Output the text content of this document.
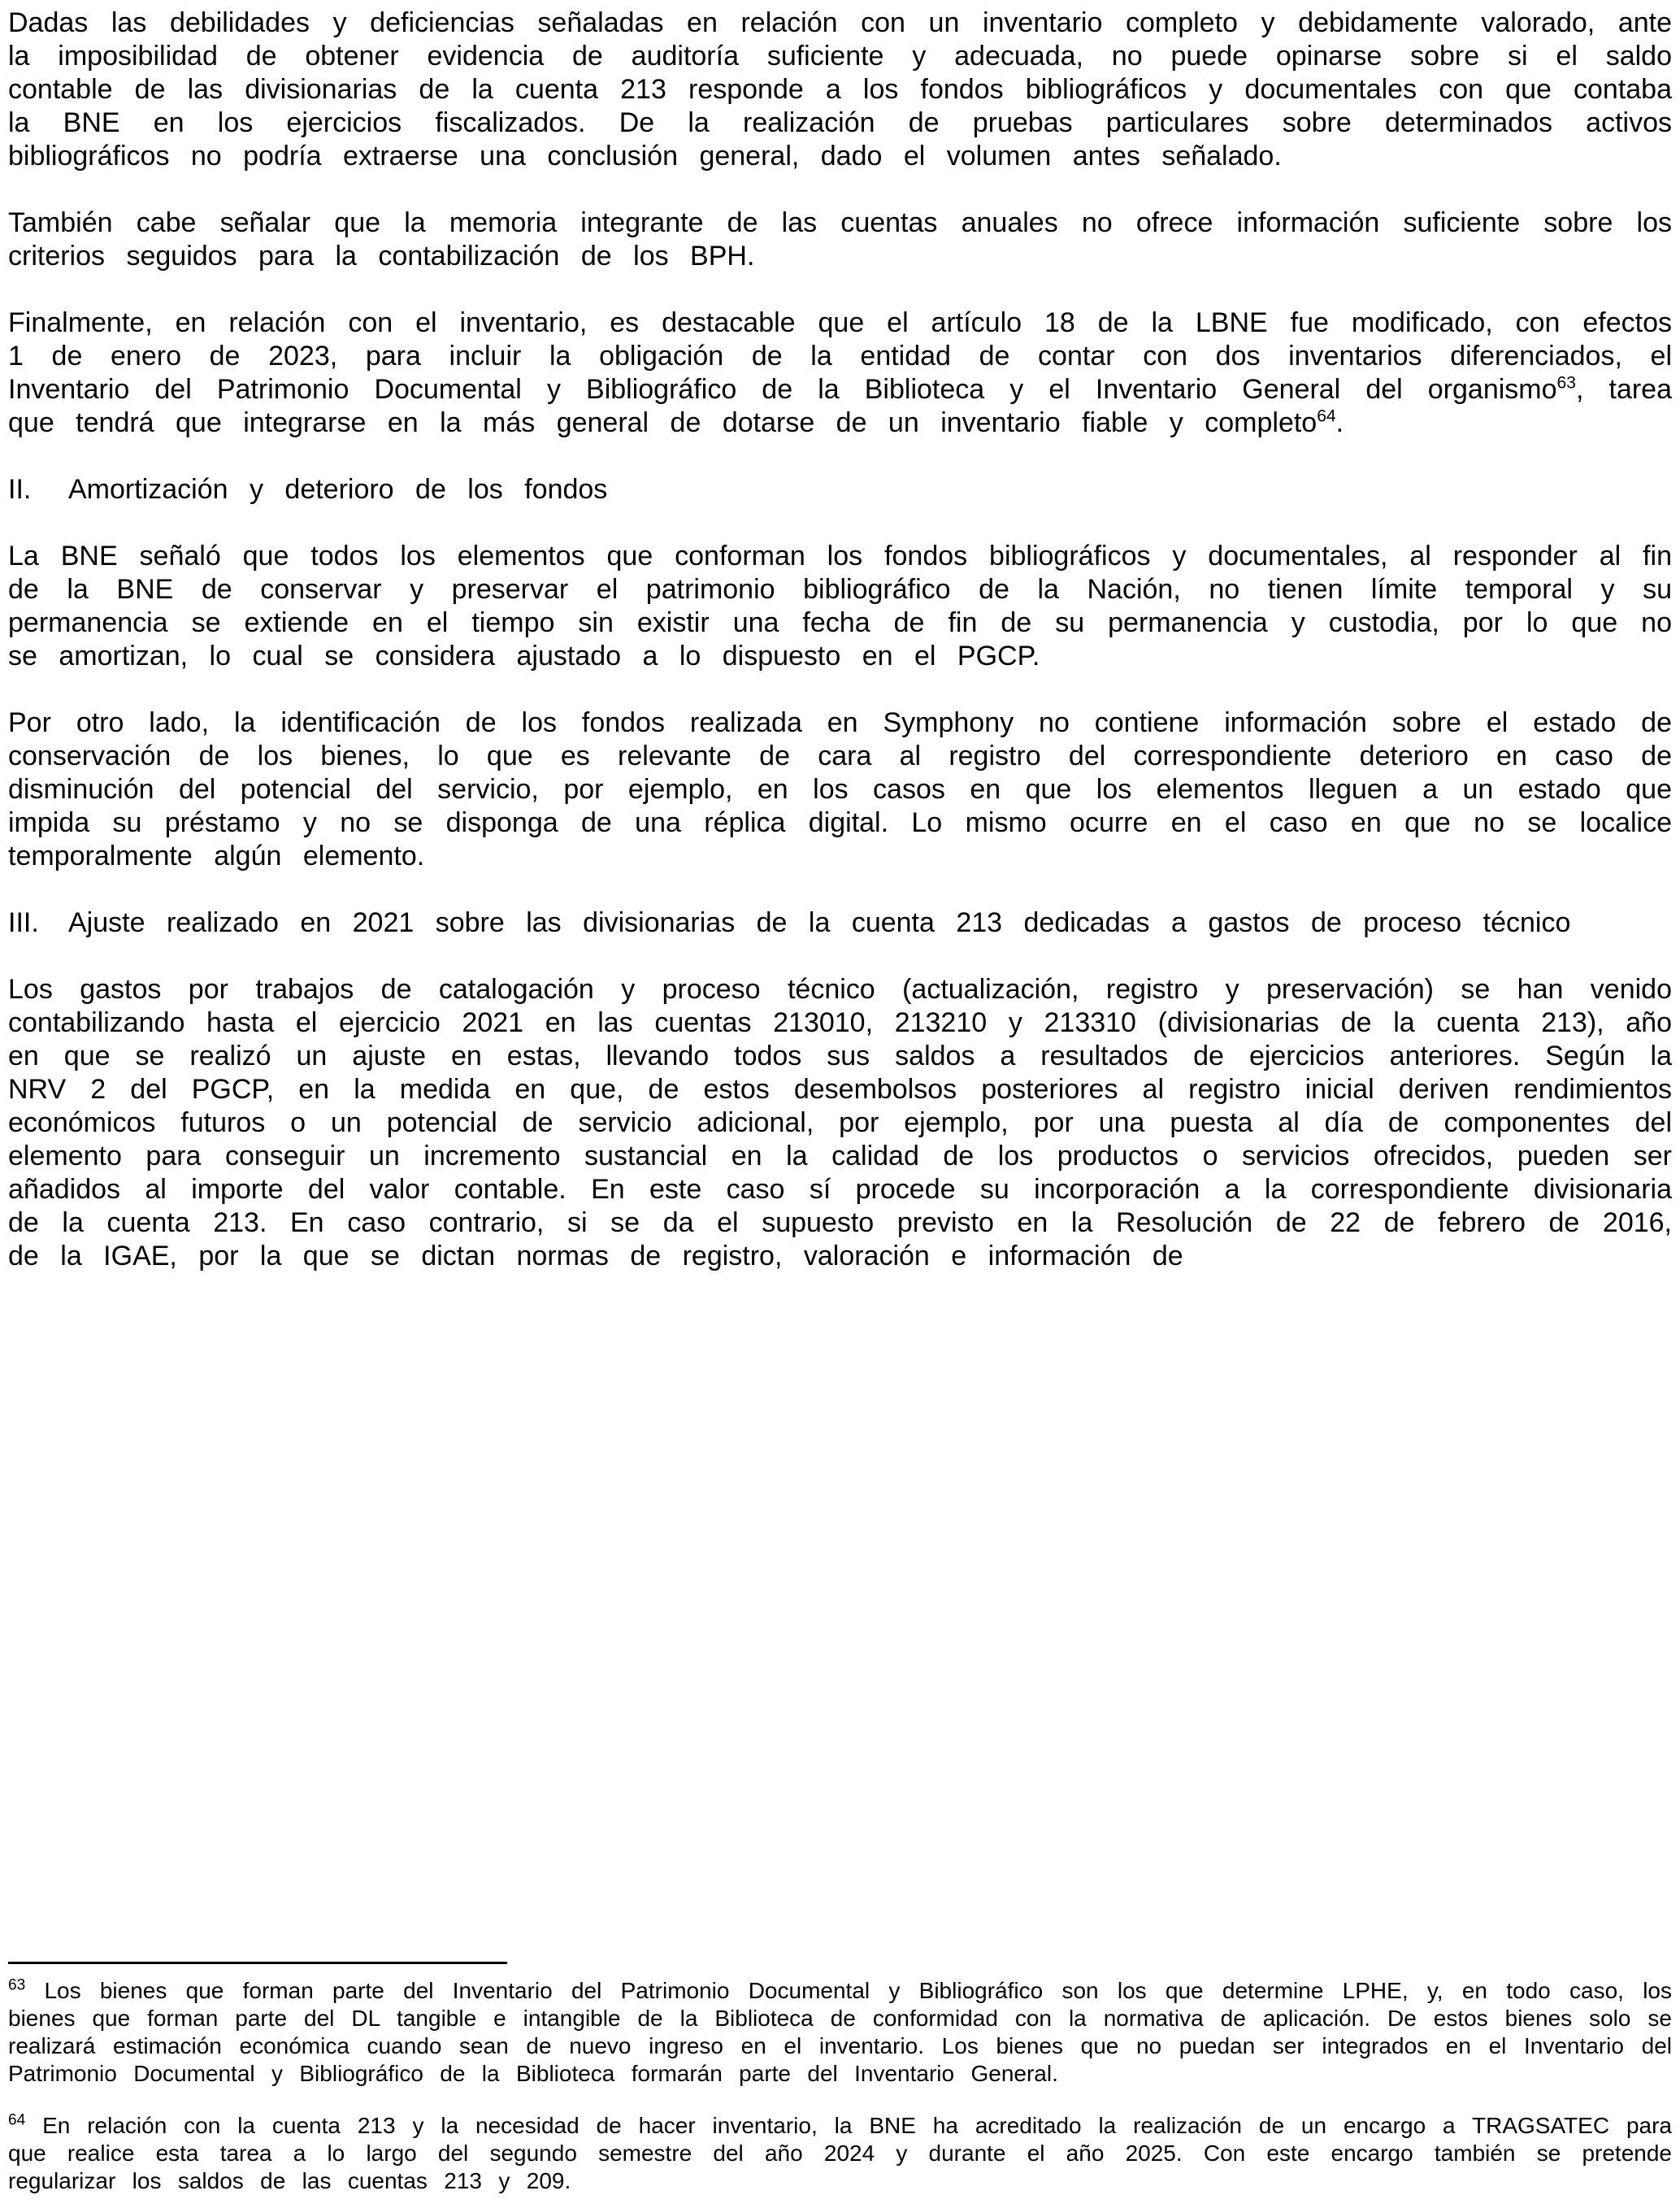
Dadas las debilidades y deficiencias señaladas en relación con un inventario completo y debidamente valorado, ante la imposibilidad de obtener evidencia de auditoría suficiente y adecuada, no puede opinarse sobre si el saldo contable de las divisionarias de la cuenta 213 responde a los fondos bibliográficos y documentales con que contaba la BNE en los ejercicios fiscalizados. De la realización de pruebas particulares sobre determinados activos bibliográficos no podría extraerse una conclusión general, dado el volumen antes señalado.

También cabe señalar que la memoria integrante de las cuentas anuales no ofrece información suficiente sobre los criterios seguidos para la contabilización de los BPH.

Finalmente, en relación con el inventario, es destacable que el artículo 18 de la LBNE fue modificado, con efectos 1 de enero de 2023, para incluir la obligación de la entidad de contar con dos inventarios diferenciados, el Inventario del Patrimonio Documental y Bibliográfico de la Biblioteca y el Inventario General del organismo$^{63}$, tarea que tendrá que integrarse en la más general de dotarse de un inventario fiable y completo$^{64}$.

II.	Amortización y deterioro de los fondos

La BNE señaló que todos los elementos que conforman los fondos bibliográficos y documentales, al responder al fin de la BNE de conservar y preservar el patrimonio bibliográfico de la Nación, no tienen límite temporal y su permanencia se extiende en el tiempo sin existir una fecha de fin de su permanencia y custodia, por lo que no se amortizan, lo cual se considera ajustado a lo dispuesto en el PGCP.

Por otro lado, la identificación de los fondos realizada en Symphony no contiene información sobre el estado de conservación de los bienes, lo que es relevante de cara al registro del correspondiente deterioro en caso de disminución del potencial del servicio, por ejemplo, en los casos en que los elementos lleguen a un estado que impida su préstamo y no se disponga de una réplica digital. Lo mismo ocurre en el caso en que no se localice temporalmente algún elemento.

III.	Ajuste realizado en 2021 sobre las divisionarias de la cuenta 213 dedicadas a gastos de proceso técnico

Los gastos por trabajos de catalogación y proceso técnico (actualización, registro y preservación) se han venido contabilizando hasta el ejercicio 2021 en las cuentas 213010, 213210 y 213310 (divisionarias de la cuenta 213), año en que se realizó un ajuste en estas, llevando todos sus saldos a resultados de ejercicios anteriores. Según la NRV 2 del PGCP, en la medida en que, de estos desembolsos posteriores al registro inicial deriven rendimientos económicos futuros o un potencial de servicio adicional, por ejemplo, por una puesta al día de componentes del elemento para conseguir un incremento sustancial en la calidad de los productos o servicios ofrecidos, pueden ser añadidos al importe del valor contable. En este caso sí procede su incorporación a la correspondiente divisionaria de la cuenta 213. En caso contrario, si se da el supuesto previsto en la Resolución de 22 de febrero de 2016, de la IGAE, por la que se dictan normas de registro, valoración e información de

$^{63}$ Los bienes que forman parte del Inventario del Patrimonio Documental y Bibliográfico son los que determine LPHE, y, en todo caso, los bienes que forman parte del DL tangible e intangible de la Biblioteca de conformidad con la normativa de aplicación. De estos bienes solo se realizará estimación económica cuando sean de nuevo ingreso en el inventario. Los bienes que no puedan ser integrados en el Inventario del Patrimonio Documental y Bibliográfico de la Biblioteca formarán parte del Inventario General.

$^{64}$ En relación con la cuenta 213 y la necesidad de hacer inventario, la BNE ha acreditado la realización de un encargo a TRAGSATEC para que realice esta tarea a lo largo del segundo semestre del año 2024 y durante el año 2025. Con este encargo también se pretende regularizar los saldos de las cuentas 213 y 209.
